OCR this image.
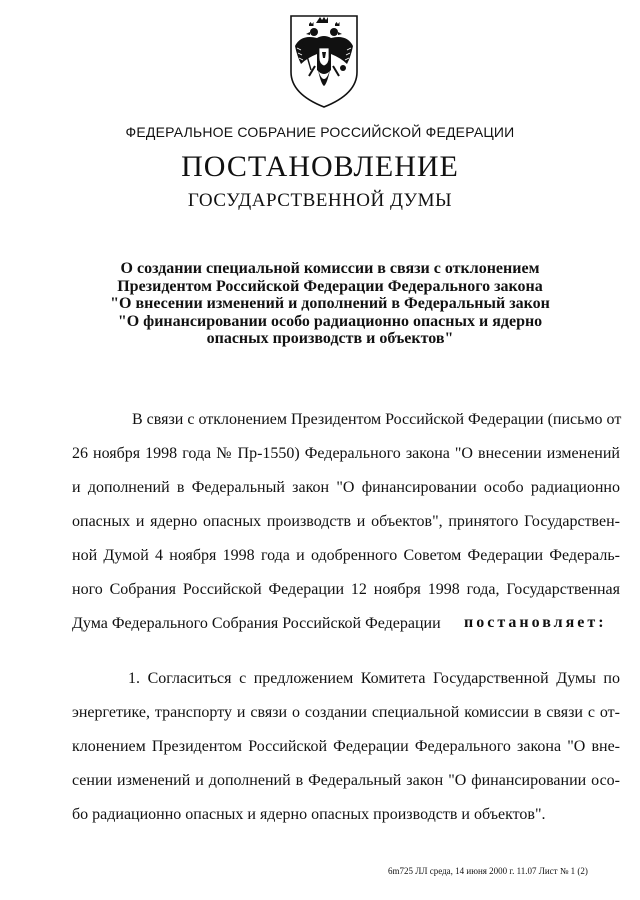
ФЕДЕРАЛЬНОЕ СОБРАНИЕ РОССИЙСКОЙ ФЕДЕРАЦИИ
ПОСТАНОВЛЕНИЕ
ГОСУДАРСТВЕННОЙ ДУМЫ
О создании специальной комиссии в связи с отклонением
Президентом Российской Федерации Федерального закона
"О внесении изменений и дополнений в Федеральный закон
"О финансировании особо радиационно опасных и ядерно
опасных производств и объектов"
В связи с отклонением Президентом Российской Федерации (письмо от
26 ноября 1998 года № Пр-1550) Федерального закона "О внесении изменений
и дополнений в Федеральный закон "О финансировании особо радиационно
опасных и ядерно опасных производств и объектов", принятого Государствен-
ной Думой 4 ноября 1998 года и одобренного Советом Федерации Федераль-
ного Собрания Российской Федерации 12 ноября 1998 года, Государственная
Дума Федерального Собрания Российской Федерации	постановляет:
1. Согласиться с предложением Комитета Государственной Думы по
энергетике, транспорту и связи о создании специальной комиссии в связи с от-
клонением Президентом Российской Федерации Федерального закона "О вне-
сении изменений и дополнений в Федеральный закон "О финансировании осо-
бо радиационно опасных и ядерно опасных производств и объектов".
6m725 ЛЛ среда, 14 июня 2000 г. 11.07 Лист № 1 (2)
